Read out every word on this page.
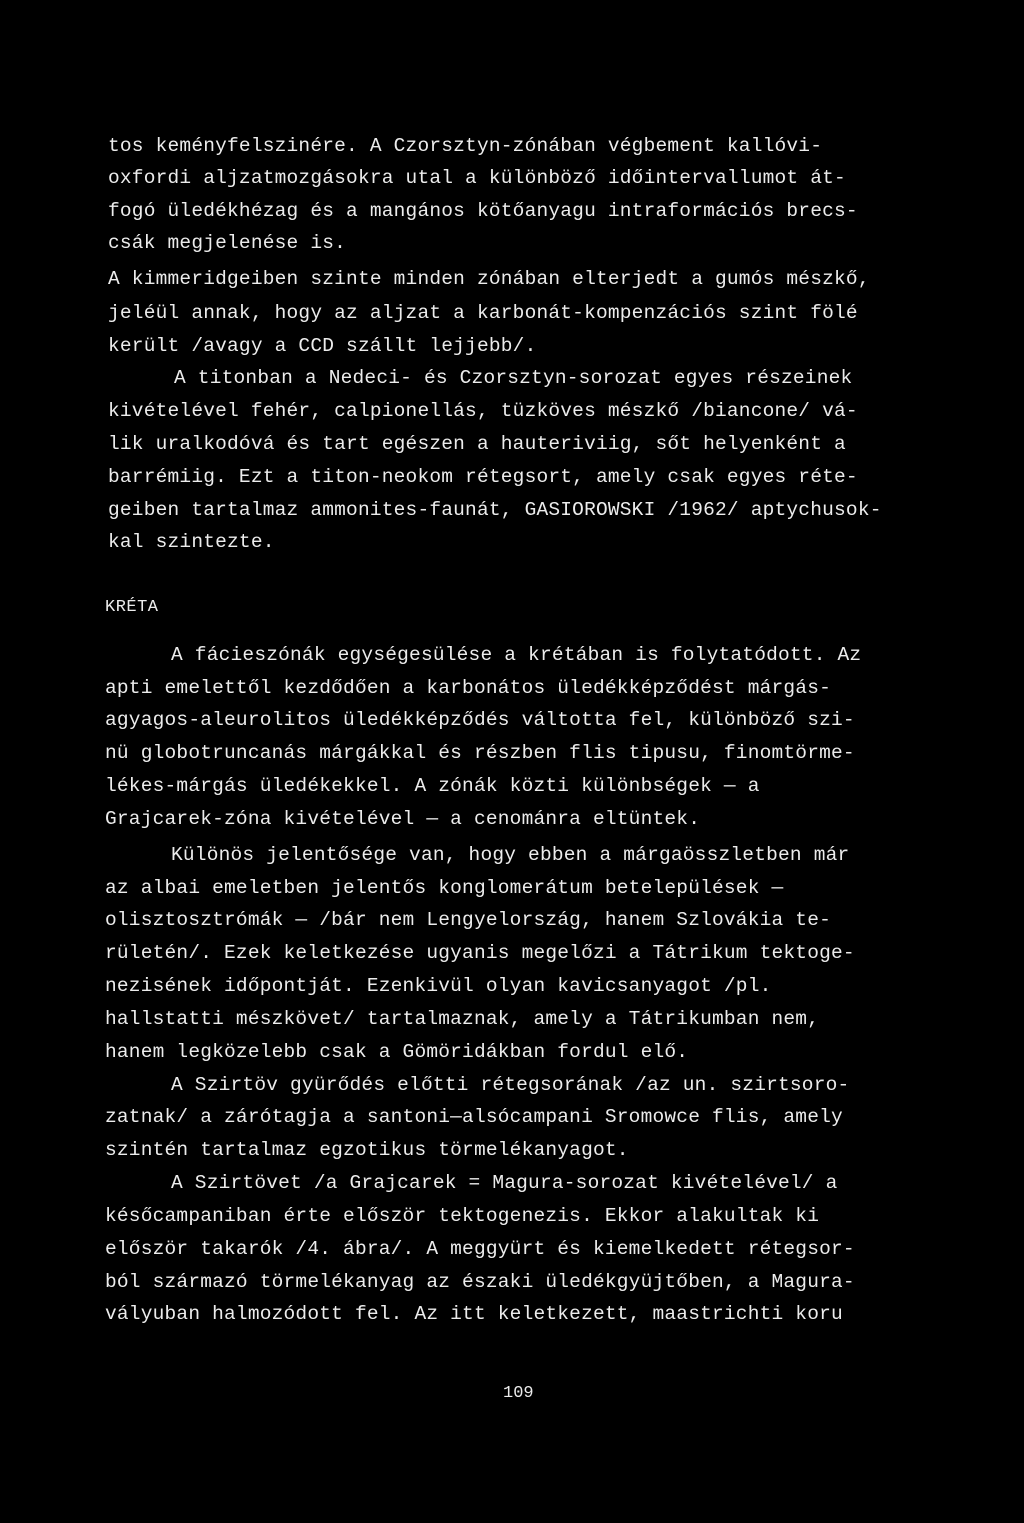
tos keményfelszinére. A Czorsztyn-zónában végbement kallóvi-
oxfordi aljzatmozgásokra utal a különböző időintervallumot át-
fogó üledékhézag és a mangános kötőanyagu intraformációs brecs-
csák megjelenése is.
A kimmeridgeiben szinte minden zónában elterjedt a gumós mészkő,
jeléül annak, hogy az aljzat a karbonát-kompenzációs szint fölé
került /avagy a CCD szállt lejjebb/.
A titonban a Nedeci- és Czorsztyn-sorozat egyes részeinek
kivételével fehér, calpionellás, tüzköves mészkő /biancone/ vá-
lik uralkodóvá és tart egészen a hauteriviig, sőt helyenként a
barrémiig. Ezt a titon-neokom rétegsort, amely csak egyes réte-
geiben tartalmaz ammonites-faunát, GASIOROWSKI /1962/ aptychusok-
kal szintezte.
KRÉTA
A fácieszónák egységesülése a krétában is folytatódott. Az
apti emelettől kezdődően a karbonátos üledékképződést márgás-
agyagos-aleurolitos üledékképződés váltotta fel, különböző szi-
nü globotruncanás márgákkal és részben flis tipusu, finomtörme-
lékes-márgás üledékekkel. A zónák közti különbségek — a
Grajcarek-zóna kivételével — a cenománra eltüntek.
Különös jelentősége van, hogy ebben a márgaösszletben már
az albai emeletben jelentős konglomerátum betelepülések —
olisztosztrómák — /bár nem Lengyelország, hanem Szlovákia te-
rületén/. Ezek keletkezése ugyanis megelőzi a Tátrikum tektoge-
nezisének időpontját. Ezenkivül olyan kavicsanyagot /pl.
hallstatti mészkövet/ tartalmaznak, amely a Tátrikumban nem,
hanem legközelebb csak a Gömöridákban fordul elő.
A Szirtöv gyürődés előtti rétegsorának /az un. szirtsoro-
zatnak/ a zárótagja a santoni—alsócampani Sromowce flis, amely
szintén tartalmaz egzotikus törmelékanyagot.
A Szirtövet /a Grajcarek = Magura-sorozat kivételével/ a
későcampaniban érte először tektogenezis. Ekkor alakultak ki
először takarók /4. ábra/. A meggyürt és kiemelkedett rétegsor-
ból származó törmelékanyag az északi üledékgyüjtőben, a Magura-
vályuban halmozódott fel. Az itt keletkezett, maastrichti koru
109
